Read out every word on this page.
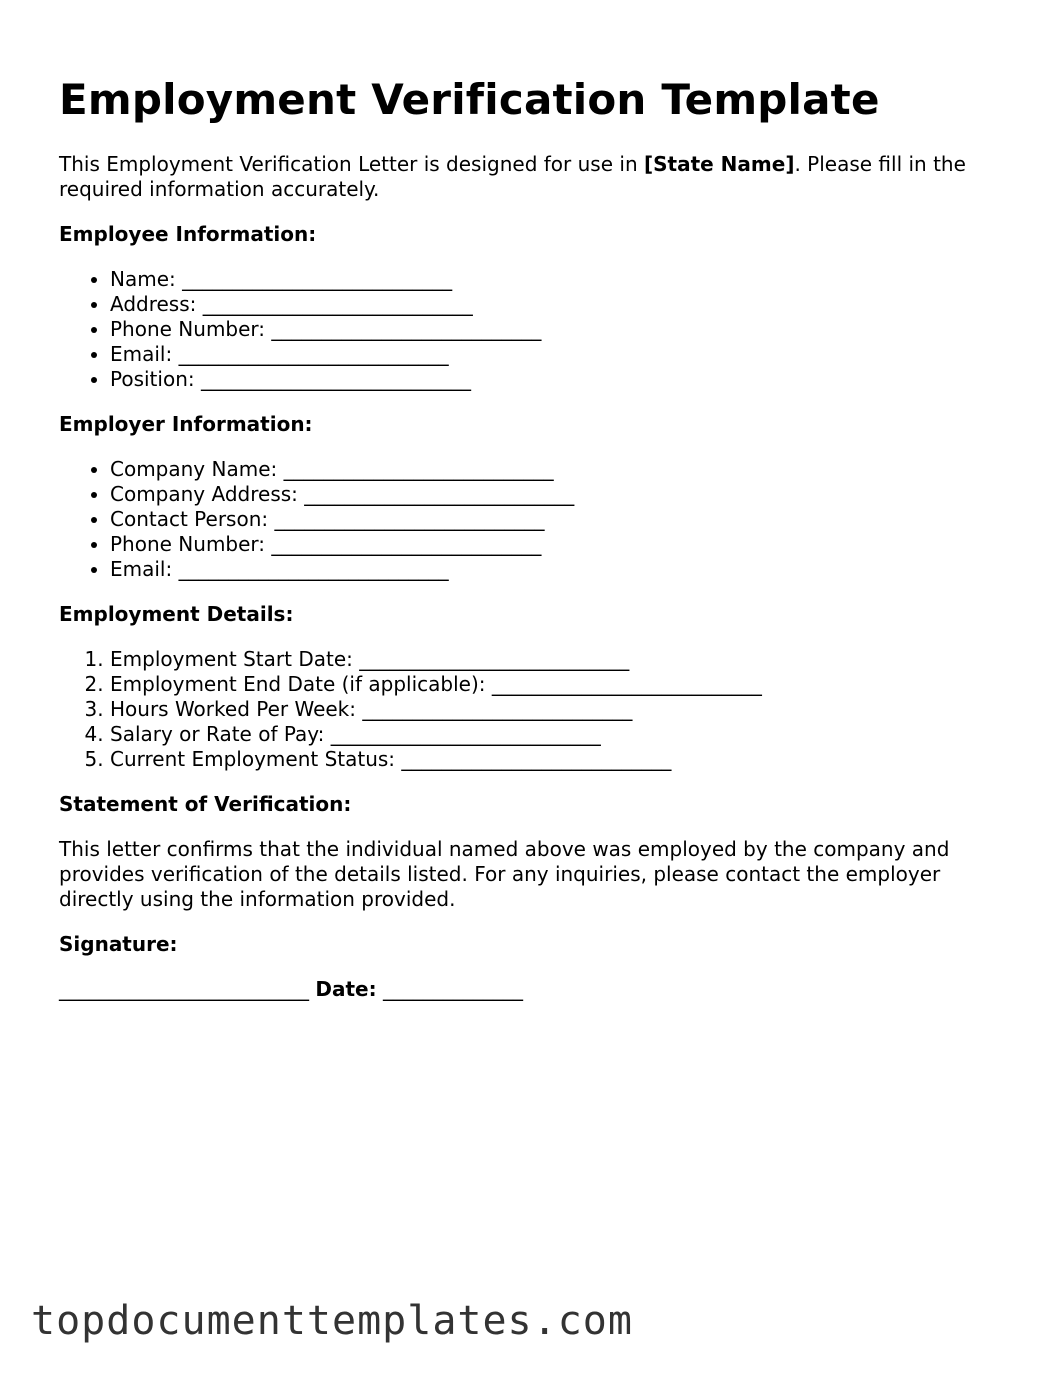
Employment Verification Template

This Employment Verification Letter is designed for use in [State Name]. Please fill in the required information accurately.

Employee Information:
• Name: ___________________________
• Address: ___________________________
• Phone Number: ___________________________
• Email: ___________________________
• Position: ___________________________
Employer Information:
• Company Name: ___________________________
• Company Address: ___________________________
• Contact Person: ___________________________
• Phone Number: ___________________________
• Email: ___________________________
Employment Details:
1. Employment Start Date: ___________________________
2. Employment End Date (if applicable): ___________________________
3. Hours Worked Per Week: ___________________________
4. Salary or Rate of Pay: ___________________________
5. Current Employment Status: ___________________________
Statement of Verification:

This letter confirms that the individual named above was employed by the company and provides verification of the details listed. For any inquiries, please contact the employer directly using the information provided.

Signature:
_________________________ Date: ______________
topdocumenttemplates.com
